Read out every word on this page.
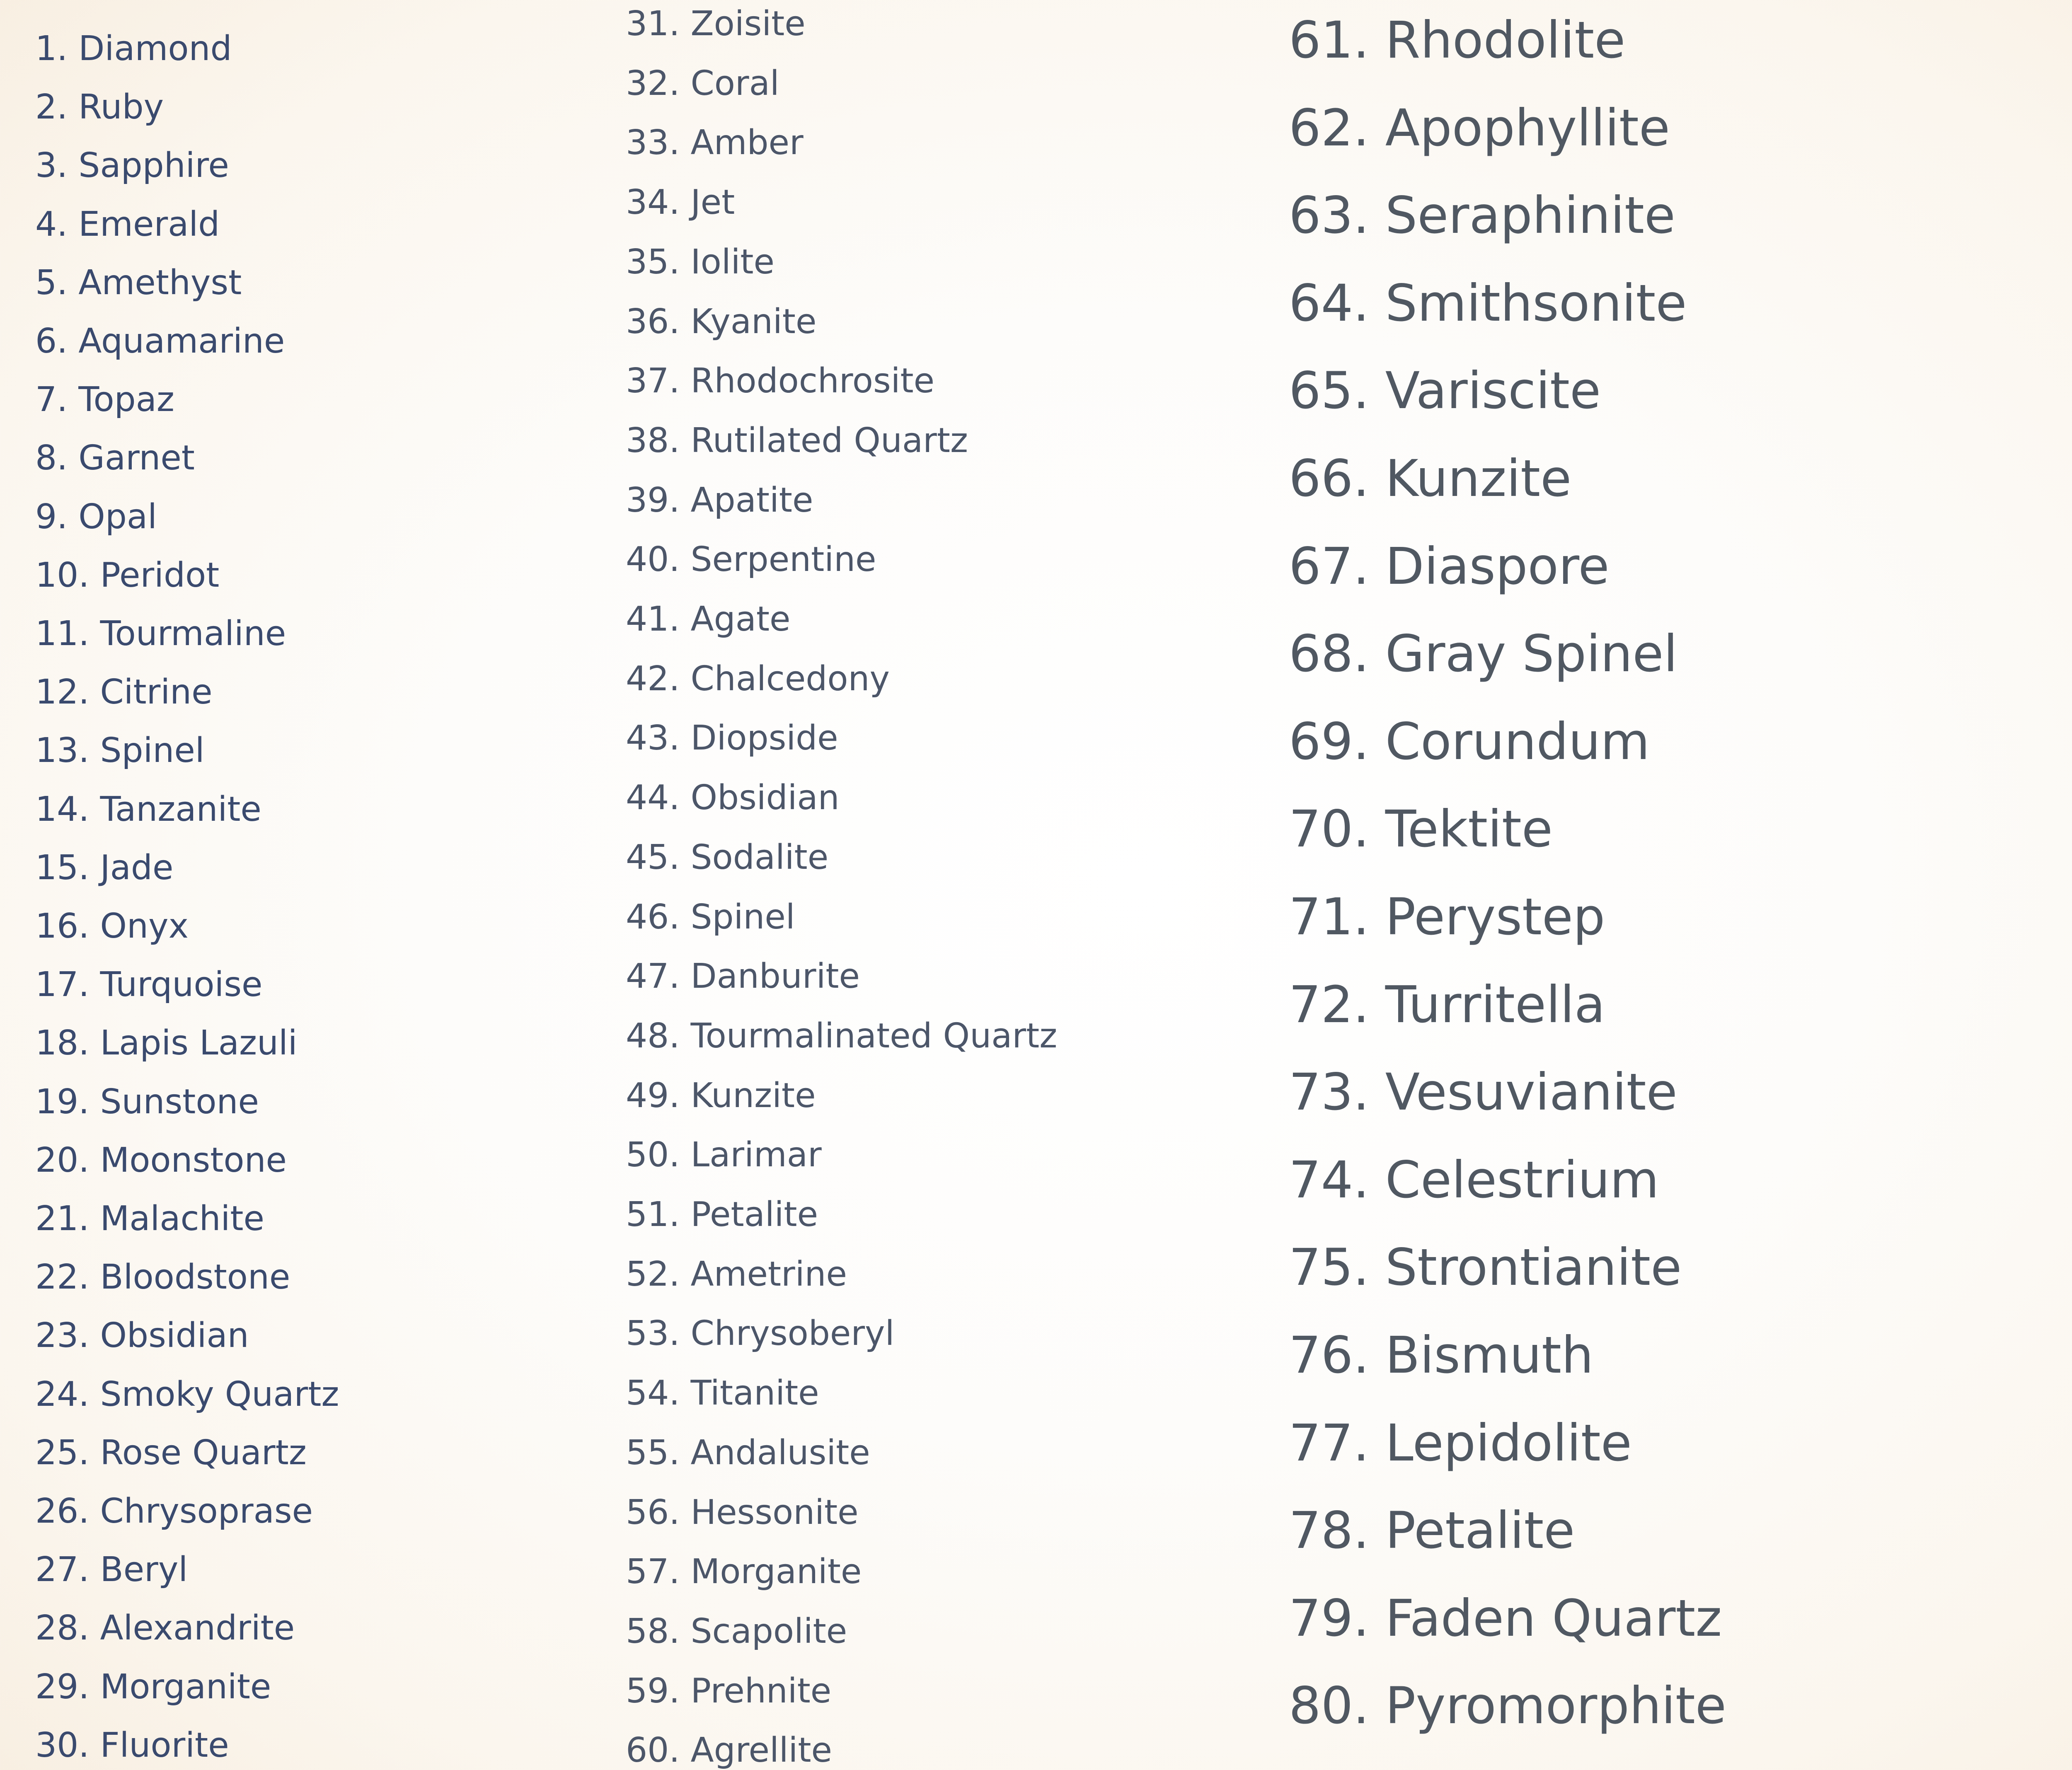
1. Diamond
2. Ruby
3. Sapphire
4. Emerald
5. Amethyst
6. Aquamarine
7. Topaz
8. Garnet
9. Opal
10. Peridot
11. Tourmaline
12. Citrine
13. Spinel
14. Tanzanite
15. Jade
16. Onyx
17. Turquoise
18. Lapis Lazuli
19. Sunstone
20. Moonstone
21. Malachite
22. Bloodstone
23. Obsidian
24. Smoky Quartz
25. Rose Quartz
26. Chrysoprase
27. Beryl
28. Alexandrite
29. Morganite
30. Fluorite
31. Zoisite
32. Coral
33. Amber
34. Jet
35. Iolite
36. Kyanite
37. Rhodochrosite
38. Rutilated Quartz
39. Apatite
40. Serpentine
41. Agate
42. Chalcedony
43. Diopside
44. Obsidian
45. Sodalite
46. Spinel
47. Danburite
48. Tourmalinated Quartz
49. Kunzite
50. Larimar
51. Petalite
52. Ametrine
53. Chrysoberyl
54. Titanite
55. Andalusite
56. Hessonite
57. Morganite
58. Scapolite
59. Prehnite
60. Agrellite
61. Rhodolite
62. Apophyllite
63. Seraphinite
64. Smithsonite
65. Variscite
66. Kunzite
67. Diaspore
68. Gray Spinel
69. Corundum
70. Tektite
71. Perystер
72. Turritella
73. Vesuvianite
74. Celestrium
75. Strontianite
76. Bismuth
77. Lepidolite
78. Petalite
79. Faden Quartz
80. Pyromorphite
